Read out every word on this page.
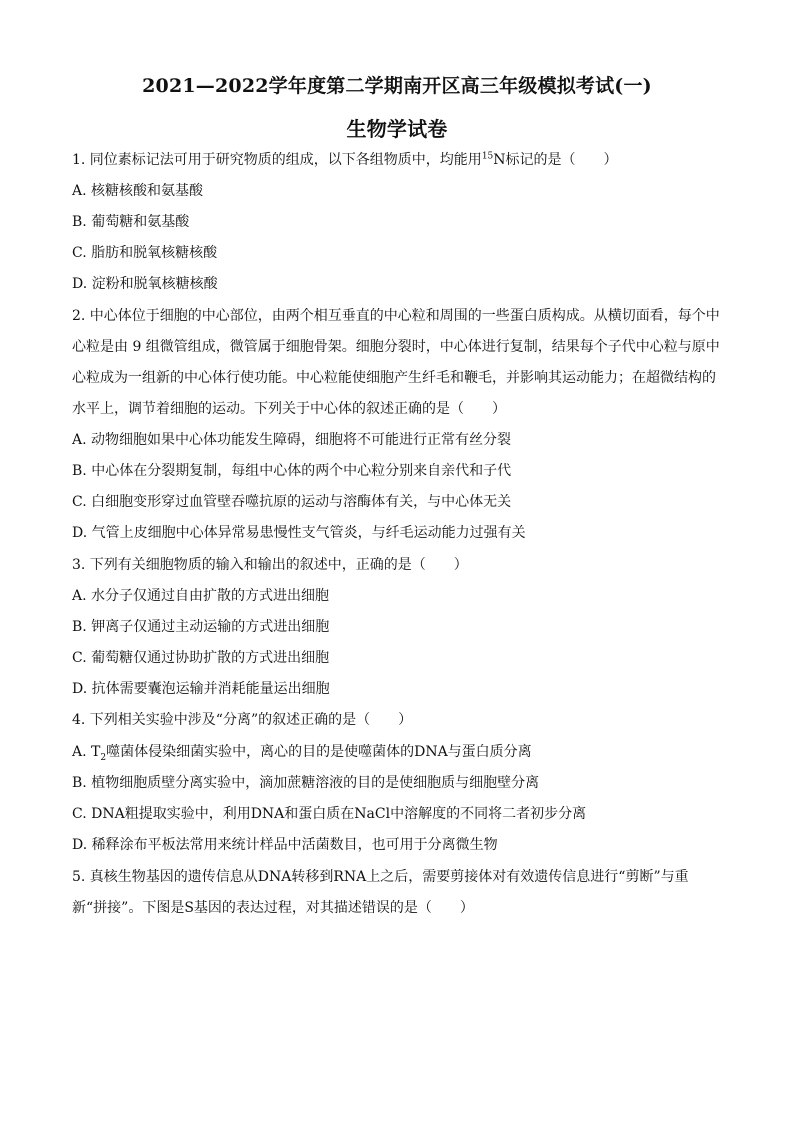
2021—2022学年度第二学期南开区高三年级模拟考试(一)
生物学试卷
1. 同位素标记法可用于研究物质的组成，以下各组物质中，均能用$^{15}$N标记的是（　　）
A. 核糖核酸和氨基酸
B. 葡萄糖和氨基酸
C. 脂肪和脱氧核糖核酸
D. 淀粉和脱氧核糖核酸
2. 中心体位于细胞的中心部位，由两个相互垂直的中心粒和周围的一些蛋白质构成。从横切面看，每个中
心粒是由 9 组微管组成，微管属于细胞骨架。细胞分裂时，中心体进行复制，结果每个子代中心粒与原中
心粒成为一组新的中心体行使功能。中心粒能使细胞产生纤毛和鞭毛，并影响其运动能力；在超微结构的
水平上，调节着细胞的运动。下列关于中心体的叙述正确的是（　　）
A. 动物细胞如果中心体功能发生障碍，细胞将不可能进行正常有丝分裂
B. 中心体在分裂期复制，每组中心体的两个中心粒分别来自亲代和子代
C. 白细胞变形穿过血管壁吞噬抗原的运动与溶酶体有关，与中心体无关
D. 气管上皮细胞中心体异常易患慢性支气管炎，与纤毛运动能力过强有关
3. 下列有关细胞物质的输入和输出的叙述中，正确的是（　　）
A. 水分子仅通过自由扩散的方式进出细胞
B. 钾离子仅通过主动运输的方式进出细胞
C. 葡萄糖仅通过协助扩散的方式进出细胞
D. 抗体需要囊泡运输并消耗能量运出细胞
4. 下列相关实验中涉及“分离”的叙述正确的是（　　）
A. $T_2$噬菌体侵染细菌实验中，离心的目的是使噬菌体的DNA与蛋白质分离
B. 植物细胞质壁分离实验中，滴加蔗糖溶液的目的是使细胞质与细胞壁分离
C. DNA粗提取实验中，利用DNA和蛋白质在NaCl中溶解度的不同将二者初步分离
D. 稀释涂布平板法常用来统计样品中活菌数目，也可用于分离微生物
5. 真核生物基因的遗传信息从DNA转移到RNA上之后，需要剪接体对有效遗传信息进行“剪断”与重
新“拼接”。下图是S基因的表达过程，对其描述错误的是（　　）
